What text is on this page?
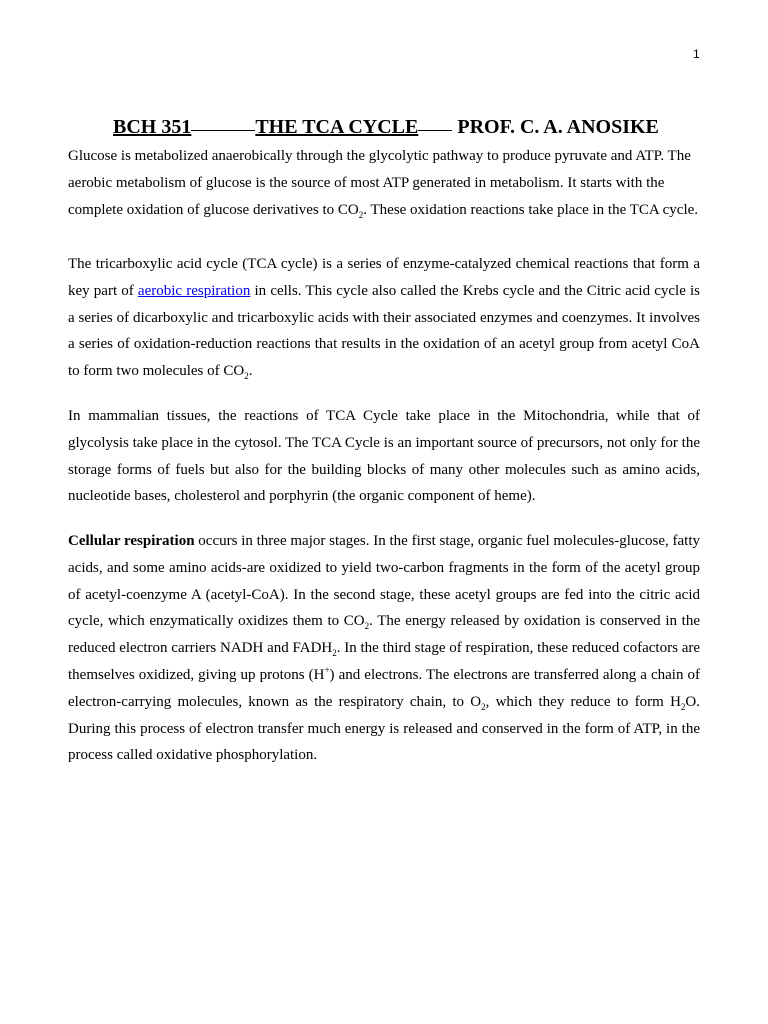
1
BCH 351	THE TCA CYCLE PROF. C. A. ANOSIKE

Glucose is metabolized anaerobically through the glycolytic pathway to produce pyruvate and ATP. The aerobic metabolism of glucose is the source of most ATP generated in metabolism. It starts with the complete oxidation of glucose derivatives to $CO_2$. These oxidation reactions take place in the TCA cycle.

The tricarboxylic acid cycle (TCA cycle) is a series of enzyme-catalyzed chemical reactions that form a key part of aerobic respiration in cells. This cycle also called the Krebs cycle and the Citric acid cycle is a series of dicarboxylic and tricarboxylic acids with their associated enzymes and coenzymes. It involves a series of oxidation-reduction reactions that results in the oxidation of an acetyl group from acetyl CoA to form two molecules of $CO_2$.

In mammalian tissues, the reactions of TCA Cycle take place in the Mitochondria, while that of glycolysis take place in the cytosol. The TCA Cycle is an important source of precursors, not only for the storage forms of fuels but also for the building blocks of many other molecules such as amino acids, nucleotide bases, cholesterol and porphyrin (the organic component of heme).

Cellular respiration occurs in three major stages. In the first stage, organic fuel molecules-glucose, fatty acids, and some amino acids-are oxidized to yield two-carbon fragments in the form of the acetyl group of acetyl-coenzyme A (acetyl-CoA). In the second stage, these acetyl groups are fed into the citric acid cycle, which enzymatically oxidizes them to $CO_2$. The energy released by oxidation is conserved in the reduced electron carriers NADH and $FADH_2$. In the third stage of respiration, these reduced cofactors are themselves oxidized, giving up protons (H+) and electrons. The electrons are transferred along a chain of electron-carrying molecules, known as the respiratory chain, to $O_2$, which they reduce to form $H_2O$. During this process of electron transfer much energy is released and conserved in the form of ATP, in the process called oxidative phosphorylation.
